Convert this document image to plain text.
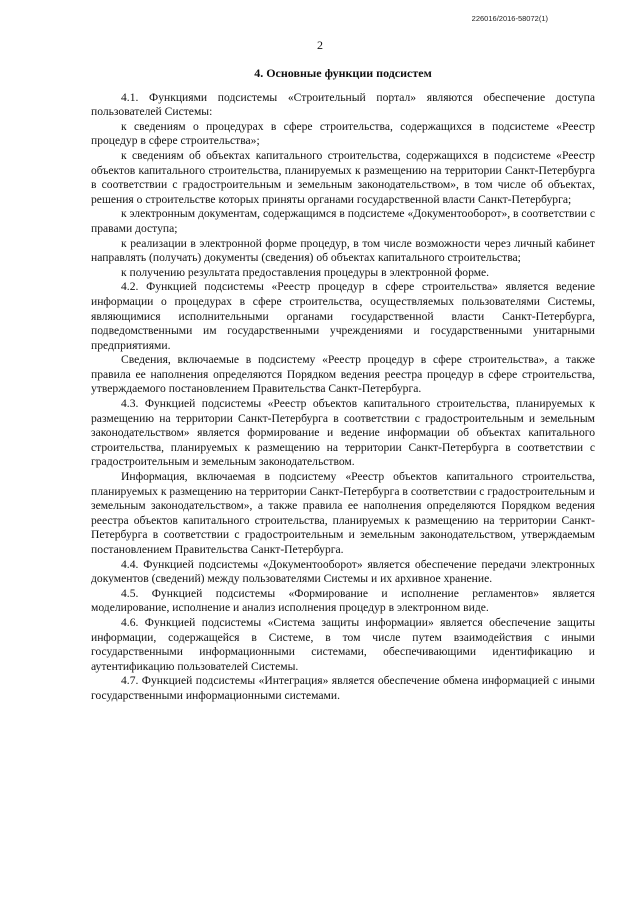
226016/2016-58072(1)
2
4. Основные функции подсистем

4.1. Функциями подсистемы «Строительный портал» являются обеспечение доступа пользователей Системы:

к сведениям о процедурах в сфере строительства, содержащихся в подсистеме «Реестр процедур в сфере строительства»;

к сведениям об объектах капитального строительства, содержащихся в подсистеме «Реестр объектов капитального строительства, планируемых к размещению на территории Санкт-Петербурга в соответствии с градостроительным и земельным законодательством», в том числе об объектах, решения о строительстве которых приняты органами государственной власти Санкт-Петербурга;

к электронным документам, содержащимся в подсистеме «Документооборот», в соответствии с правами доступа;

к реализации в электронной форме процедур, в том числе возможности через личный кабинет направлять (получать) документы (сведения) об объектах капитального строительства;

к получению результата предоставления процедуры в электронной форме.

4.2. Функцией подсистемы «Реестр процедур в сфере строительства» является ведение информации о процедурах в сфере строительства, осуществляемых пользователями Системы, являющимися исполнительными органами государственной власти Санкт-Петербурга, подведомственными им государственными учреждениями и государственными унитарными предприятиями.

Сведения, включаемые в подсистему «Реестр процедур в сфере строительства», а также правила ее наполнения определяются Порядком ведения реестра процедур в сфере строительства, утверждаемого постановлением Правительства Санкт-Петербурга.

4.3. Функцией подсистемы «Реестр объектов капитального строительства, планируемых к размещению на территории Санкт-Петербурга в соответствии с градостроительным и земельным законодательством» является формирование и ведение информации об объектах капитального строительства, планируемых к размещению на территории Санкт-Петербурга в соответствии с градостроительным и земельным законодательством.

Информация, включаемая в подсистему «Реестр объектов капитального строительства, планируемых к размещению на территории Санкт-Петербурга в соответствии с градостроительным и земельным законодательством», а также правила ее наполнения определяются Порядком ведения реестра объектов капитального строительства, планируемых к размещению на территории Санкт-Петербурга в соответствии с градостроительным и земельным законодательством, утверждаемым постановлением Правительства Санкт-Петербурга.

4.4. Функцией подсистемы «Документооборот» является обеспечение передачи электронных документов (сведений) между пользователями Системы и их архивное хранение.

4.5. Функцией подсистемы «Формирование и исполнение регламентов» является моделирование, исполнение и анализ исполнения процедур в электронном виде.

4.6. Функцией подсистемы «Система защиты информации» является обеспечение защиты информации, содержащейся в Системе, в том числе путем взаимодействия с иными государственными информационными системами, обеспечивающими идентификацию и аутентификацию пользователей Системы.

4.7. Функцией подсистемы «Интеграция» является обеспечение обмена информацией с иными государственными информационными системами.
